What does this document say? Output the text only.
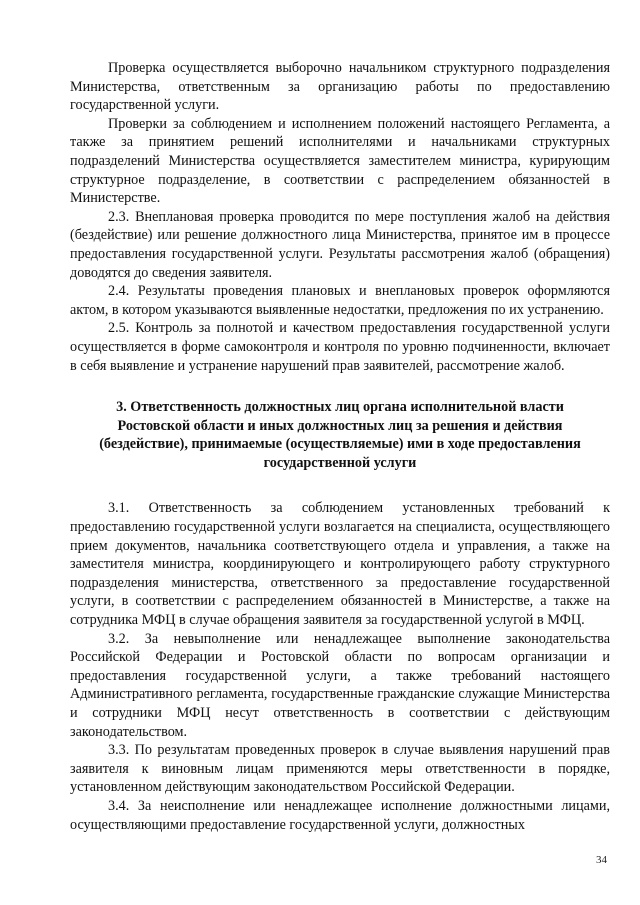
Проверка осуществляется выборочно начальником структурного подразделения Министерства, ответственным за организацию работы по предоставлению государственной услуги.

Проверки за соблюдением и исполнением положений настоящего Регламента, а также за принятием решений исполнителями и начальниками структурных подразделений Министерства осуществляется заместителем министра, курирующим структурное подразделение, в соответствии с распределением обязанностей в Министерстве.

2.3. Внеплановая проверка проводится по мере поступления жалоб на действия (бездействие) или решение должностного лица Министерства, принятое им в процессе предоставления государственной услуги. Результаты рассмотрения жалоб (обращения) доводятся до сведения заявителя.

2.4. Результаты проведения плановых и внеплановых проверок оформляются актом, в котором указываются выявленные недостатки, предложения по их устранению.

2.5. Контроль за полнотой и качеством предоставления государственной услуги осуществляется в форме самоконтроля и контроля по уровню подчиненности, включает в себя выявление и устранение нарушений прав заявителей, рассмотрение жалоб.

3. Ответственность должностных лиц органа исполнительной власти Ростовской области и иных должностных лиц за решения и действия (бездействие), принимаемые (осуществляемые) ими в ходе предоставления государственной услуги

3.1. Ответственность за соблюдением установленных требований к предоставлению государственной услуги возлагается на специалиста, осуществляющего прием документов, начальника соответствующего отдела и управления, а также на заместителя министра, координирующего и контролирующего работу структурного подразделения министерства, ответственного за предоставление государственной услуги, в соответствии с распределением обязанностей в Министерстве, а также на сотрудника МФЦ в случае обращения заявителя за государственной услугой в МФЦ.

3.2. За невыполнение или ненадлежащее выполнение законодательства Российской Федерации и Ростовской области по вопросам организации и предоставления государственной услуги, а также требований настоящего Административного регламента, государственные гражданские служащие Министерства и сотрудники МФЦ несут ответственность в соответствии с действующим законодательством.

3.3. По результатам проведенных проверок в случае выявления нарушений прав заявителя к виновным лицам применяются меры ответственности в порядке, установленном действующим законодательством Российской Федерации.

3.4. За неисполнение или ненадлежащее исполнение должностными лицами, осуществляющими предоставление государственной услуги, должностных

34
